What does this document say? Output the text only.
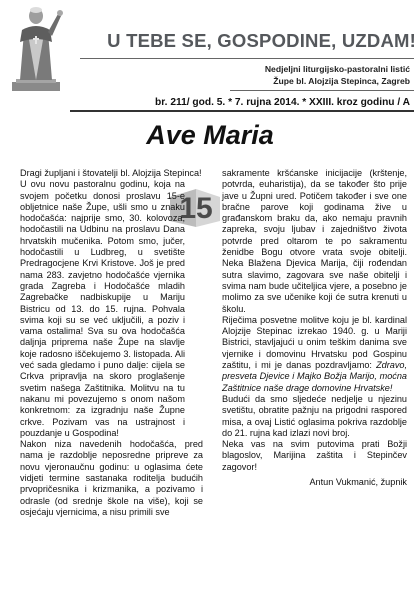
U TEBE SE, GOSPODINE, UZDAM!
Nedjeljni liturgijsko-pastoralni listić
Župe bl. Alojzija Stepinca, Zagreb
br. 211/ god. 5. * 7. rujna 2014. * XXIII. kroz godinu / A
Ave Maria
15

Dragi župljani i štovatelji bl. Alojzija Stepinca!

U ovu novu pastoralnu godinu, koja na svojem početku donosi proslavu 15-e obljetnice naše Župe, ušli smo u znaku hodočašća: najprije smo, 30. kolovoza, hodočastili na Udbinu na proslavu Dana hrvatskih mučenika. Potom smo, jučer, hodočastili u Ludbreg, u svetište Predragocjene Krvi Kristove. Još je pred nama 283. zavjetno hodočašće vjernika grada Zagreba i Hodočašće mladih Zagrebačke nadbiskupije u Mariju Bistricu od 13. do 15. rujna. Pohvala svima koji su se već uključili, a poziv i vama ostalima! Sva su ova hodočašća daljnja priprema naše Župe na slavlje koje radosno iščekujemo 3. listopada. Ali već sada gledamo i puno dalje: cijela se Crkva pripravlja na skoro proglašenje svetim našega Zaštitnika. Molitvu na tu nakanu mi povezujemo s onom našom konkretnom: za izgradnju naše Župne crkve. Pozivam vas na ustrajnost i pouzdanje u Gospodina!

Nakon niza navedenih hodočašća, pred nama je razdoblje neposredne pripreve za novu vjeronaučnu godinu: u oglasima ćete vidjeti termine sastanaka roditelja budućih prvopričesnika i krizmanika, a pozivamo i odrasle (od srednje škole na više), koji se osjećaju vjernicima, a nisu primili sve

sakramente kršćanske inicijacije (krštenje, potvrda, euharistija), da se također što prije jave u Župni ured. Potičem također i sve one bračne parove koji godinama žive u građanskom braku da, ako nemaju pravnih zapreka, svoju ljubav i zajedništvo života potvrde pred oltarom te po sakramentu ženidbe Bogu otvore vrata svoje obitelji. Neka Blažena Djevica Marija, čiji rođendan sutra slavimo, zagovara sve naše obitelji i svima nam bude učiteljica vjere, a posebno je molimo za sve učenike koji će sutra krenuti u školu.

Riječima posvetne molitve koju je bl. kardinal Alojzije Stepinac izrekao 1940. g. u Mariji Bistrici, stavljajući u onim teškim danima sve vjernike i domovinu Hrvatsku pod Gospinu zaštitu, i mi je danas pozdravljamo: Zdravo, presveta Djevice i Majko Božja Marijo, moćna Zaštitnice naše drage domovine Hrvatske!

Budući da smo sljedeće nedjelje u njezinu svetištu, obratite pažnju na prigodni raspored misa, a ovaj Listić oglasima pokriva razdoblje do 21. rujna kad izlazi novi broj.

Neka vas na svim putovima prati Božji blagoslov, Marijina zaštita i Stepinčev zagovor!

Antun Vukmanić, župnik
